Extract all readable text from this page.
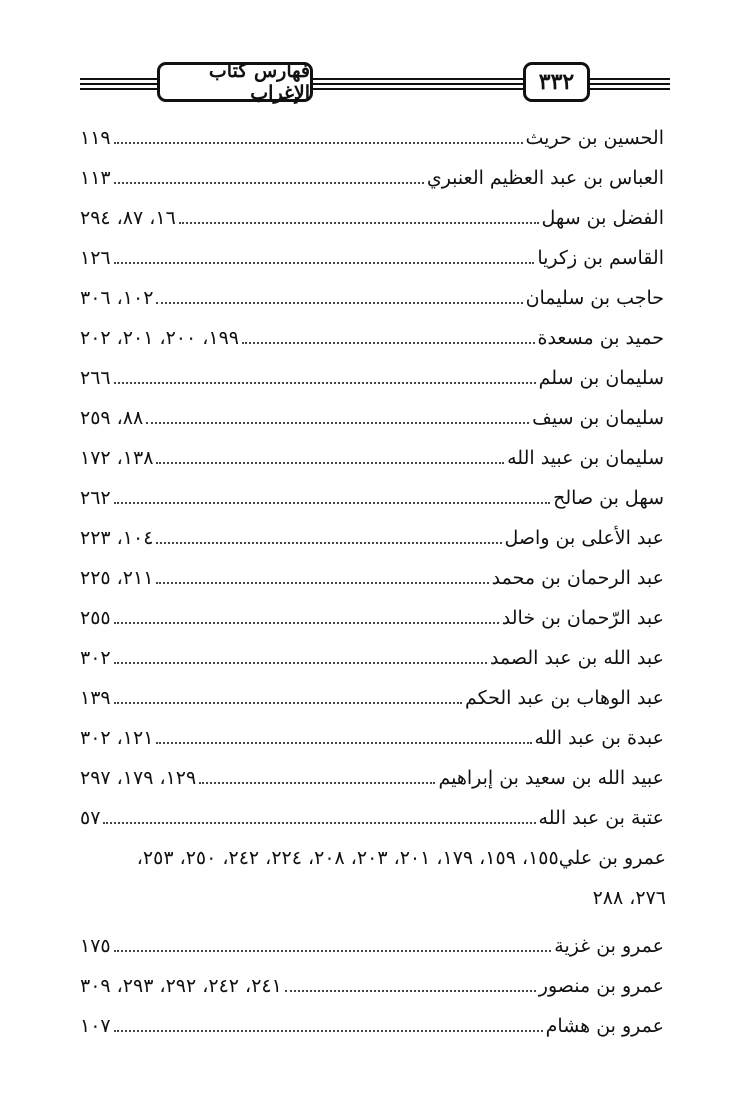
فهارس كتاب الإغراب	٣٣٢
الحسين بن حريث
١١٩
العباس بن عبد العظيم العنبري
١١٣
الفضل بن سهل
١٦، ٨٧، ٢٩٤
القاسم بن زكريا
١٢٦
حاجب بن سليمان
١٠٢، ٣٠٦
حميد بن مسعدة
١٩٩، ٢٠٠، ٢٠١، ٢٠٢
سليمان بن سلم
٢٦٦
سليمان بن سيف
٨٨، ٢٥٩
سليمان بن عبيد الله
١٣٨، ١٧٢
سهل بن صالح
٢٦٢
عبد الأعلى بن واصل
١٠٤، ٢٢٣
عبد الرحمان بن محمد
٢١١، ٢٢٥
عبد الرّحمان بن خالد
٢٥٥
عبد الله بن عبد الصمد
٣٠٢
عبد الوهاب بن عبد الحكم
١٣٩
عبدة بن عبد الله
١٢١، ٣٠٢
عبيد الله بن سعيد بن إبراهيم
١٢٩، ١٧٩، ٢٩٧
عتبة بن عبد الله
٥٧
عمرو بن علي١٥٥، ١٥٩، ١٧٩، ٢٠١، ٢٠٣، ٢٠٨، ٢٢٤، ٢٤٢، ٢٥٠، ٢٥٣،
٢٧٦، ٢٨٨
عمرو بن غزية
١٧٥
عمرو بن منصور
٢٤١، ٢٤٢، ٢٩٢، ٢٩٣، ٣٠٩
عمرو بن هشام
١٠٧
